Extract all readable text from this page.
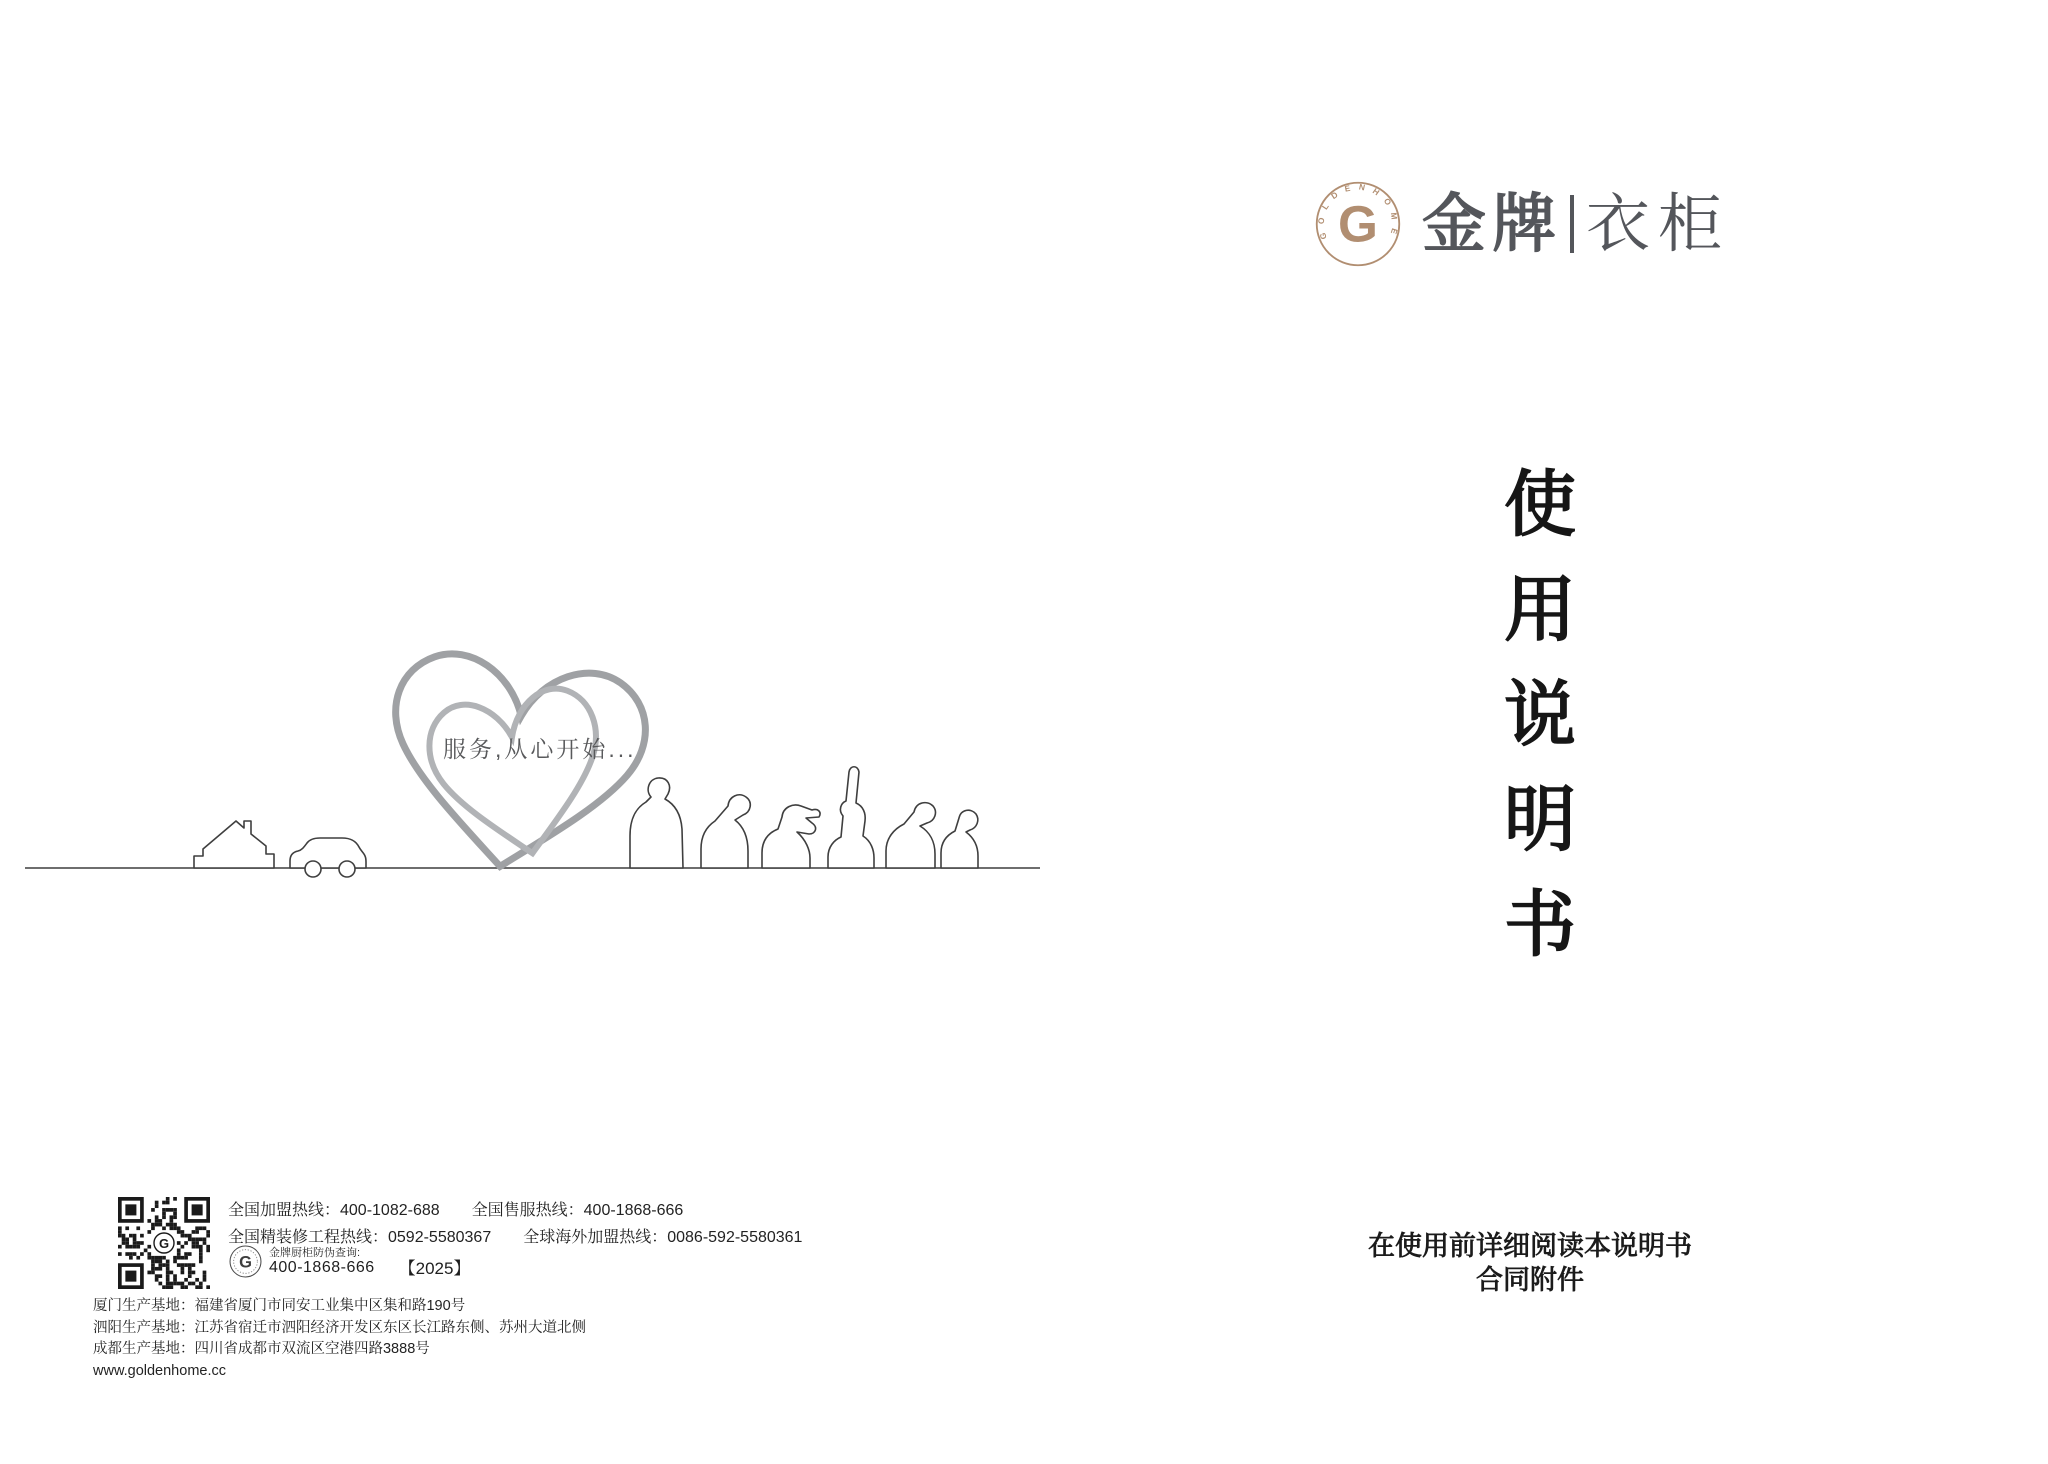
GOLDENHOME
G 金牌 衣柜
使用说明书
在使用前详细阅读本说明书
合同附件
服务,从心开始...
G
全国加盟热线：400-1082-688 全国售服热线：400-1868-666
全国精装修工程热线：0592-5580367 全球海外加盟热线：0086-592-5580361
G
金牌厨柜防伪查询:
400-1868-666 【2025】
厦门生产基地：福建省厦门市同安工业集中区集和路190号
泗阳生产基地：江苏省宿迁市泗阳经济开发区东区长江路东侧、苏州大道北侧
成都生产基地：四川省成都市双流区空港四路3888号
www.goldenhome.cc
